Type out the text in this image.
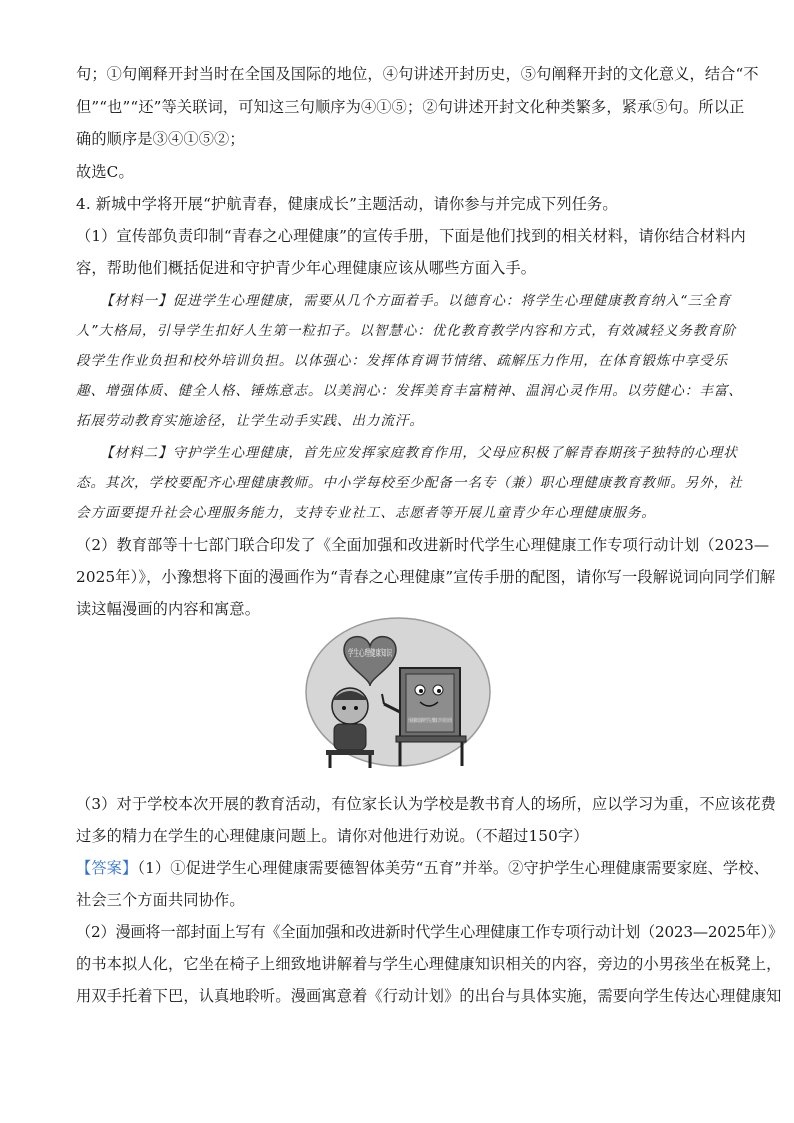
句；①句阐释开封当时在全国及国际的地位，④句讲述开封历史，⑤句阐释开封的文化意义，结合“不
但”“也”“还”等关联词，可知这三句顺序为④①⑤；②句讲述开封文化种类繁多，紧承⑤句。所以正
确的顺序是③④①⑤②；
故选C。
4. 新城中学将开展“护航青春，健康成长”主题活动，请你参与并完成下列任务。
（1）宣传部负责印制“青春之心理健康”的宣传手册，下面是他们找到的相关材料，请你结合材料内
容，帮助他们概括促进和守护青少年心理健康应该从哪些方面入手。
【材料一】促进学生心理健康，需要从几个方面着手。以德育心：将学生心理健康教育纳入“三全育
人”大格局，引导学生扣好人生第一粒扣子。以智慧心：优化教育教学内容和方式，有效减轻义务教育阶
段学生作业负担和校外培训负担。以体强心：发挥体育调节情绪、疏解压力作用，在体育锻炼中享受乐
趣、增强体质、健全人格、锤炼意志。以美润心：发挥美育丰富精神、温润心灵作用。以劳健心：丰富、
拓展劳动教育实施途径，让学生动手实践、出力流汗。
【材料二】守护学生心理健康，首先应发挥家庭教育作用，父母应积极了解青春期孩子独特的心理状
态。其次，学校要配齐心理健康教师。中小学每校至少配备一名专（兼）职心理健康教育教师。另外，社
会方面要提升社会心理服务能力，支持专业社工、志愿者等开展儿童青少年心理健康服务。
（2）教育部等十七部门联合印发了《全面加强和改进新时代学生心理健康工作专项行动计划（2023—
2025年）》，小豫想将下面的漫画作为“青春之心理健康”宣传手册的配图，请你写一段解说词向同学们解
读这幅漫画的内容和寓意。
学生心理健康知识
（3）对于学校本次开展的教育活动，有位家长认为学校是教书育人的场所，应以学习为重，不应该花费
过多的精力在学生的心理健康问题上。请你对他进行劝说。（不超过150字）
【答案】（1）①促进学生心理健康需要德智体美劳“五育”并举。②守护学生心理健康需要家庭、学校、
社会三个方面共同协作。
（2）漫画将一部封面上写有《全面加强和改进新时代学生心理健康工作专项行动计划（2023—2025年）》
的书本拟人化，它坐在椅子上细致地讲解着与学生心理健康知识相关的内容，旁边的小男孩坐在板凳上，
用双手托着下巴，认真地聆听。漫画寓意着《行动计划》的出台与具体实施，需要向学生传达心理健康知
